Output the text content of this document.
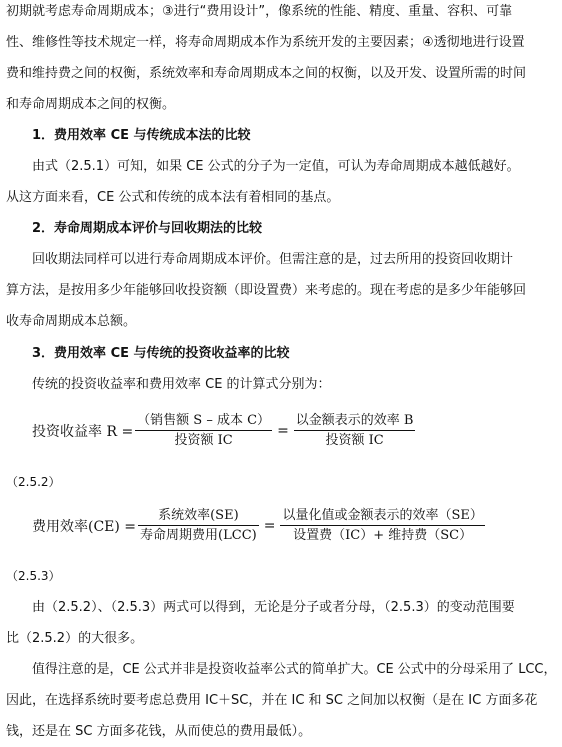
初期就考虑寿命周期成本；③进行“费用设计”，像系统的性能、精度、重量、容积、可靠
性、维修性等技术规定一样，将寿命周期成本作为系统开发的主要因素；④透彻地进行设置
费和维持费之间的权衡，系统效率和寿命周期成本之间的权衡，以及开发、设置所需的时间
和寿命周期成本之间的权衡。
1．费用效率 CE 与传统成本法的比较
由式（2.5.1）可知，如果 CE 公式的分子为一定值，可认为寿命周期成本越低越好。
从这方面来看，CE 公式和传统的成本法有着相同的基点。
2．寿命周期成本评价与回收期法的比较
回收期法同样可以进行寿命周期成本评价。但需注意的是，过去所用的投资回收期计
算方法，是按用多少年能够回收投资额（即设置费）来考虑的。现在考虑的是多少年能够回
收寿命周期成本总额。
3．费用效率 CE 与传统的投资收益率的比较
传统的投资收益率和费用效率 CE 的计算式分别为：
投资收益率 $R = \frac{\text{（销售额 S – 成本 C）}}{\text{投资额 IC}} = \frac{\text{以金额表示的效率 B}}{\text{投资额 IC}}$
（2.5.2）
费用效率$(CE) = \frac{\text{系统效率(SE)}}{\text{寿命周期费用(LCC)}} = \frac{\text{以量化值或金额表示的效率（SE）}}{\text{设置费（IC）+ 维持费（SC）}}$
（2.5.3）
由（2.5.2）、（2.5.3）两式可以得到，无论是分子或者分母，（2.5.3）的变动范围要
比（2.5.2）的大很多。
值得注意的是，CE 公式并非是投资收益率公式的简单扩大。CE 公式中的分母采用了 LCC，
因此，在选择系统时要考虑总费用 IC＋SC，并在 IC 和 SC 之间加以权衡（是在 IC 方面多花
钱，还是在 SC 方面多花钱，从而使总的费用最低）。
